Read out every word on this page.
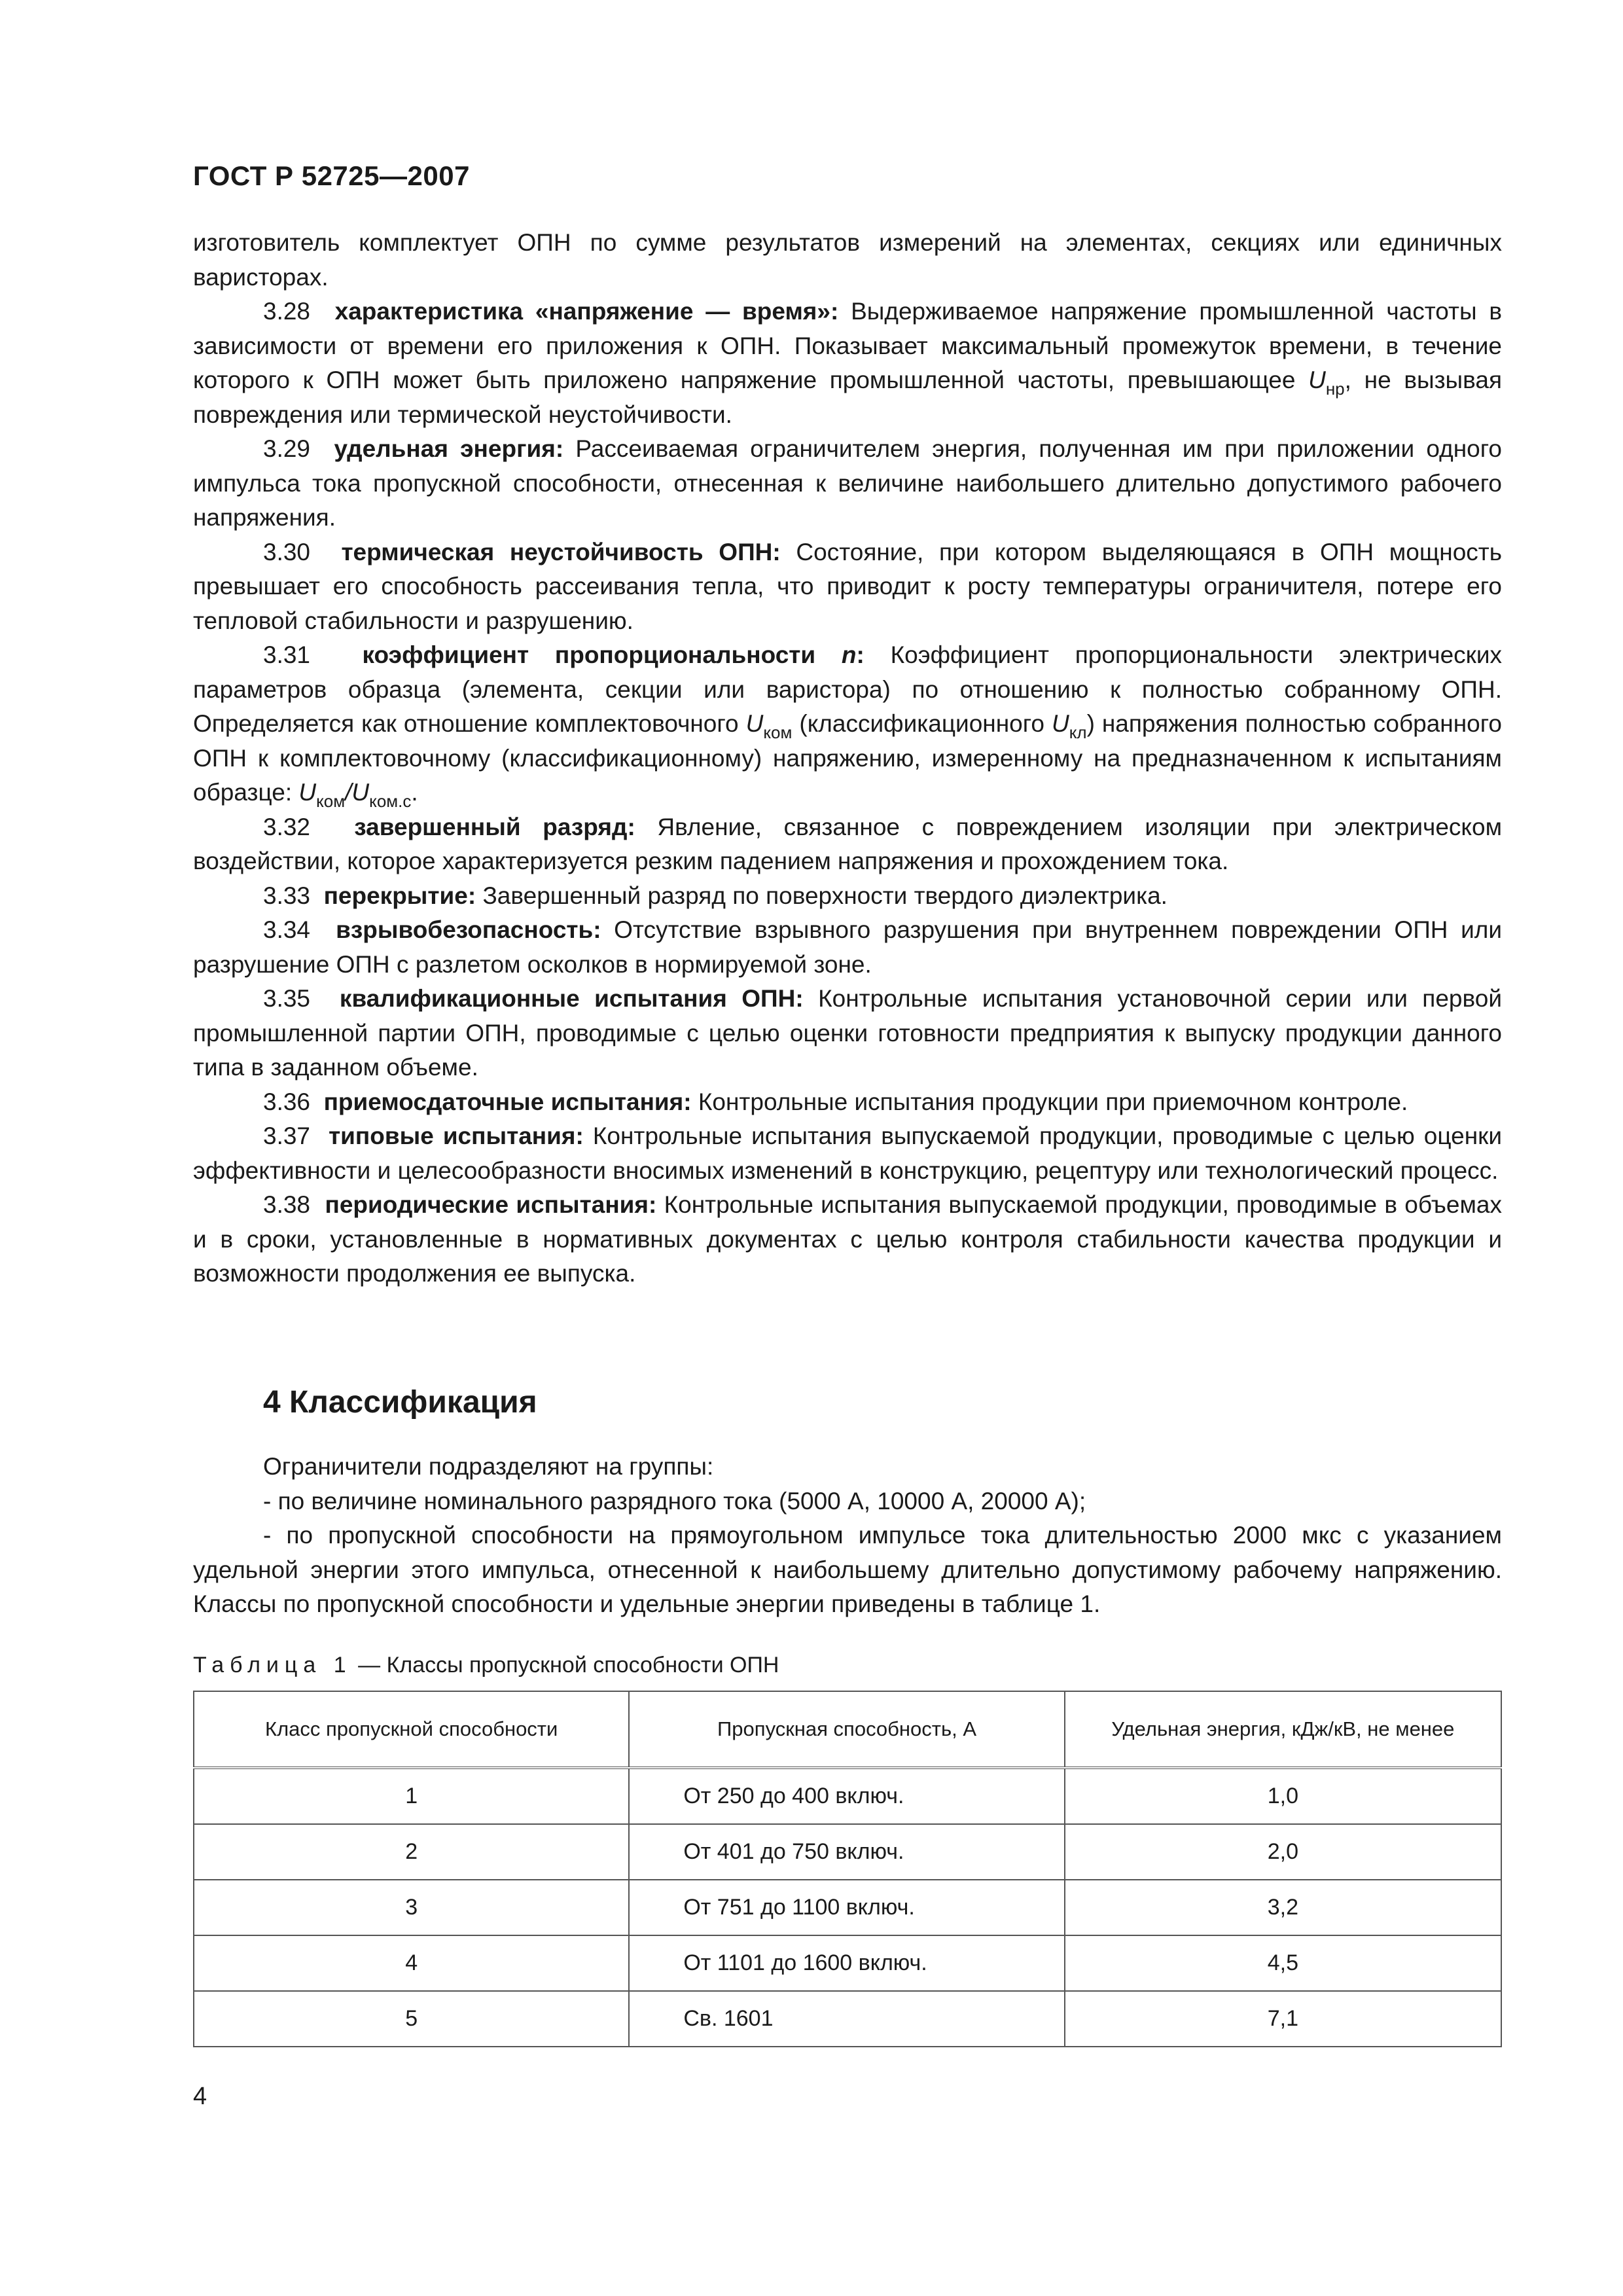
ГОСТ Р 52725—2007

изготовитель комплектует ОПН по сумме результатов измерений на элементах, секциях или единичных варисторах.

3.28 характеристика «напряжение — время»: Выдерживаемое напряжение промышленной частоты в зависимости от времени его приложения к ОПН. Показывает максимальный промежуток времени, в течение которого к ОПН может быть приложено напряжение промышленной частоты, превышающее $U_{нр}$, не вызывая повреждения или термической неустойчивости.

3.29 удельная энергия: Рассеиваемая ограничителем энергия, полученная им при приложении одного импульса тока пропускной способности, отнесенная к величине наибольшего длительно допустимого рабочего напряжения.

3.30 термическая неустойчивость ОПН: Состояние, при котором выделяющаяся в ОПН мощность превышает его способность рассеивания тепла, что приводит к росту температуры ограничителя, потере его тепловой стабильности и разрушению.

3.31 коэффициент пропорциональности n: Коэффициент пропорциональности электрических параметров образца (элемента, секции или варистора) по отношению к полностью собранному ОПН. Определяется как отношение комплектовочного $U_{ком}$ (классификационного $U_{кл}$) напряжения полностью собранного ОПН к комплектовочному (классификационному) напряжению, измеренному на предназначенном к испытаниям образце: $U_{ком}/U_{ком.с}$.

3.32 завершенный разряд: Явление, связанное с повреждением изоляции при электрическом воздействии, которое характеризуется резким падением напряжения и прохождением тока.

3.33 перекрытие: Завершенный разряд по поверхности твердого диэлектрика.

3.34 взрывобезопасность: Отсутствие взрывного разрушения при внутреннем повреждении ОПН или разрушение ОПН с разлетом осколков в нормируемой зоне.

3.35 квалификационные испытания ОПН: Контрольные испытания установочной серии или первой промышленной партии ОПН, проводимые с целью оценки готовности предприятия к выпуску продукции данного типа в заданном объеме.

3.36 приемосдаточные испытания: Контрольные испытания продукции при приемочном контроле.

3.37 типовые испытания: Контрольные испытания выпускаемой продукции, проводимые с целью оценки эффективности и целесообразности вносимых изменений в конструкцию, рецептуру или технологический процесс.

3.38 периодические испытания: Контрольные испытания выпускаемой продукции, проводимые в объемах и в сроки, установленные в нормативных документах с целью контроля стабильности качества продукции и возможности продолжения ее выпуска.

4 Классификация

Ограничители подразделяют на группы:

- по величине номинального разрядного тока (5000 А, 10000 А, 20000 А);

- по пропускной способности на прямоугольном импульсе тока длительностью 2000 мкс с указанием удельной энергии этого импульса, отнесенной к наибольшему длительно допустимому рабочему напряжению. Классы по пропускной способности и удельные энергии приведены в таблице 1.

Таблица 1 — Классы пропускной способности ОПН
Класс пропускной способности	Пропускная способность, А	Удельная энергия, кДж/кВ, не менее
1	От 250 до 400 включ.	1,0
2	От 401 до 750 включ.	2,0
3	От 751 до 1100 включ.	3,2
4	От 1101 до 1600 включ.	4,5
5	Св. 1601	7,1
4
